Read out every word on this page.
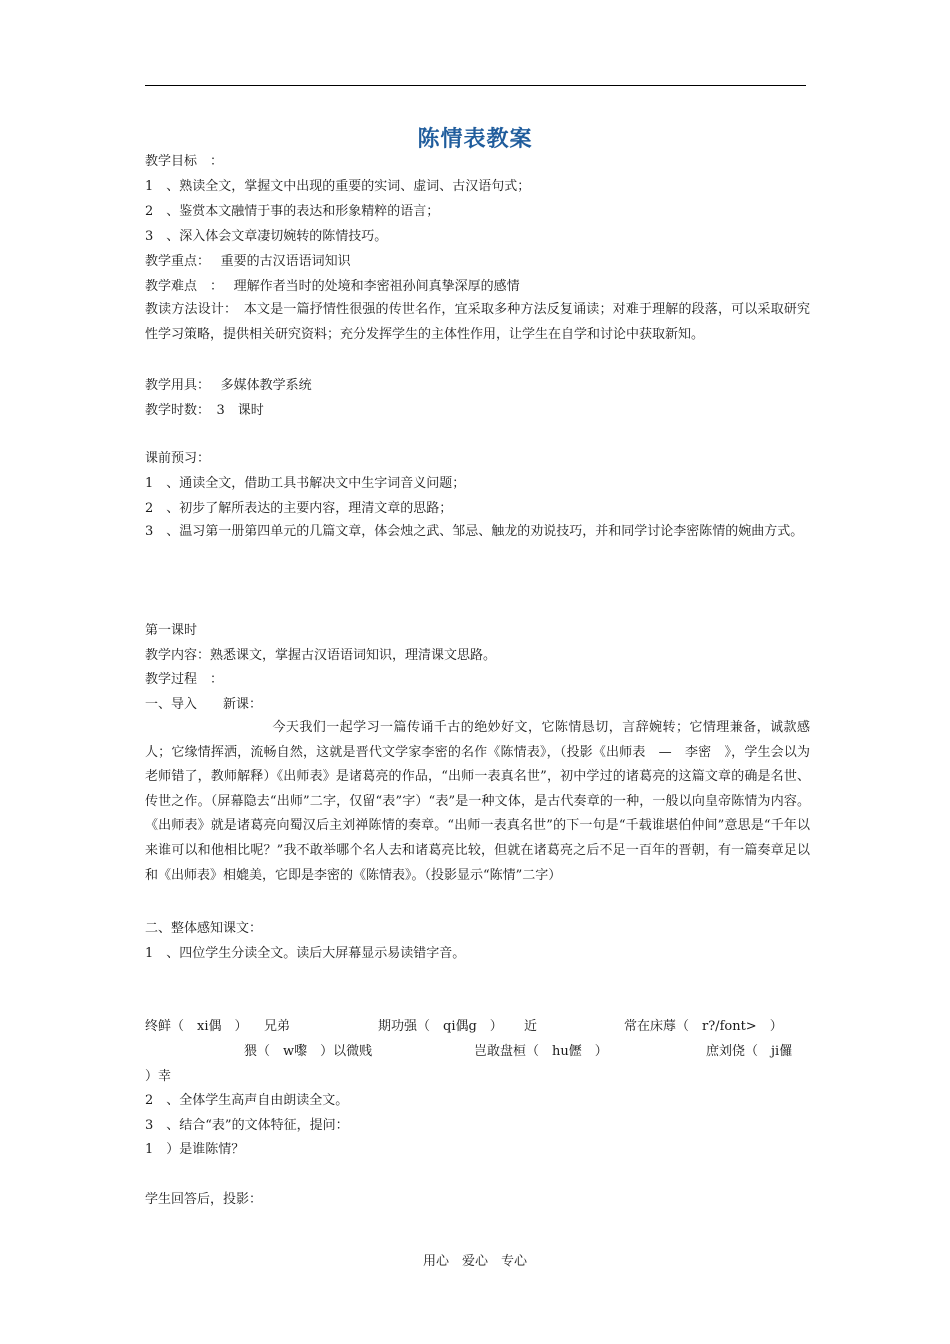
陈情表教案
教学目标　：
1　、熟读全文，掌握文中出现的重要的实词、虚词、古汉语句式；
2　、鉴赏本文融情于事的表达和形象精粹的语言；
3　、深入体会文章凄切婉转的陈情技巧。
教学重点：　 重要的古汉语语词知识
教学难点　：　 理解作者当时的处境和李密祖孙间真挚深厚的感情
教读方法设计：　本文是一篇抒情性很强的传世名作，宜采取多种方法反复诵读；对难于理解的段落，可以采取研究性学习策略，提供相关研究资料；充分发挥学生的主体性作用，让学生在自学和讨论中获取新知。
教学用具：　 多媒体教学系统
教学时数：　3　课时
课前预习：
1　、通读全文，借助工具书解决文中生字词音义问题；
2　、初步了解所表达的主要内容，理清文章的思路；
3　、温习第一册第四单元的几篇文章，体会烛之武、邹忌、触龙的劝说技巧，并和同学讨论李密陈情的婉曲方式。
第一课时
教学内容：熟悉课文，掌握古汉语语词知识，理清课文思路。
教学过程　：
一、导入　　新课：
今天我们一起学习一篇传诵千古的绝妙好文，它陈情恳切，言辞婉转；它情理兼备，诚款感人；它缘情挥洒，流畅自然，这就是晋代文学家李密的名作《陈情表》，（投影《出师表　—　李密　》，学生会以为老师错了，教师解释）《出师表》是诸葛亮的作品，“出师一表真名世”，初中学过的诸葛亮的这篇文章的确是名世、传世之作。（屏幕隐去“出师”二字，仅留“表”字）“表”是一种文体，是古代奏章的一种，一般以向皇帝陈情为内容。《出师表》就是诸葛亮向蜀汉后主刘禅陈情的奏章。“出师一表真名世”的下一句是“千载谁堪伯仲间”意思是“千年以来谁可以和他相比呢？”我不敢举哪个名人去和诸葛亮比较，但就在诸葛亮之后不足一百年的晋朝，有一篇奏章足以和《出师表》相媲美，它即是李密的《陈情表》。（投影显示“陈情”二字）
二、整体感知课文：
1　、四位学生分读全文。读后大屏幕显示易读错字音。
终鲜（　xi偶　） 兄弟	期功强（　qi偶g　） 近	常在床蓐（　r?/font>　）
猥（　w嚟　）以微贱	岂敢盘桓（　hu儮　）	庶刘侥（　ji儸
）幸
2　、全体学生高声自由朗读全文。
3　、结合“表”的文体特征，提问：
1　）是谁陈情？
学生回答后，投影：
用心　爱心　专心
